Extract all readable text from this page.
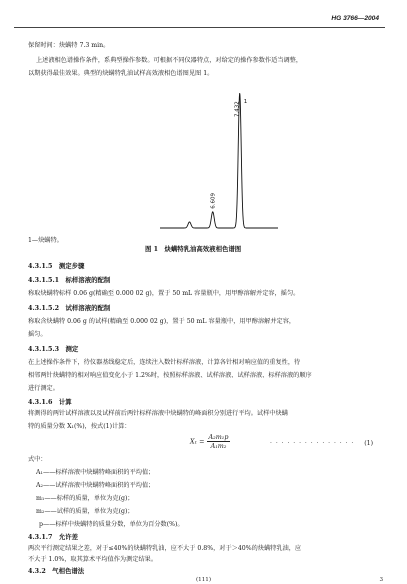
HG 3766—2004
保留时间：炔螨特 7.3 min。
上述液相色谱操作条件，系典型操作参数。可根据不同仪器特点，对给定的操作参数作适当调整，
以期获得最佳效果。典型的炔螨特乳油试样高效液相色谱图见图 1。
6.609
7.432 1
1—炔螨特。
图 1　炔螨特乳油高效液相色谱图
4.3.1.5　测定步骤
4.3.1.5.1　标样溶液的配制
称取炔螨特标样 0.06 g(精确至 0.000 02 g)，置于 50 mL 容量瓶中，用甲醇溶解并定容，摇匀。
4.3.1.5.2　试样溶液的配制
称取含炔螨特 0.06 g 的试样(精确至 0.000 02 g)，置于 50 mL 容量瓶中，用甲醇溶解并定容，
摇匀。
4.3.1.5.3　测定
在上述操作条件下，待仪器基线稳定后，连续注入数针标样溶液，计算各针相对响应值的重复性，待
相邻两针炔螨特的相对响应值变化小于 1.2%时，按照标样溶液、试样溶液、试样溶液、标样溶液的顺序
进行测定。
4.3.1.6　计算
将测得的两针试样溶液以及试样前后两针标样溶液中炔螨特的峰面积分别进行平均。试样中炔螨
特的质量分数 X₁(%)，按式(1)计算：
$X_1 = \frac{\text{A₂m₁p}}{\text{A₁m₂}}$	· · · · · · · · · · · · · · · (1)
式中：
A₁——标样溶液中炔螨特峰面积的平均值；
A₂——试样溶液中炔螨特峰面积的平均值；
m₁——标样的质量，单位为克(g)；
m₂——试样的质量，单位为克(g)；
p——标样中炔螨特的质量分数，单位为百分数(%)。
4.3.1.7　允许差
两次平行测定结果之差，对于≤40%的炔螨特乳油，应不大于 0.8%，对于＞40%的炔螨特乳油，应
不大于 1.0%，取其算术平均值作为测定结果。
4.3.2　气相色谱法
(111)	3
